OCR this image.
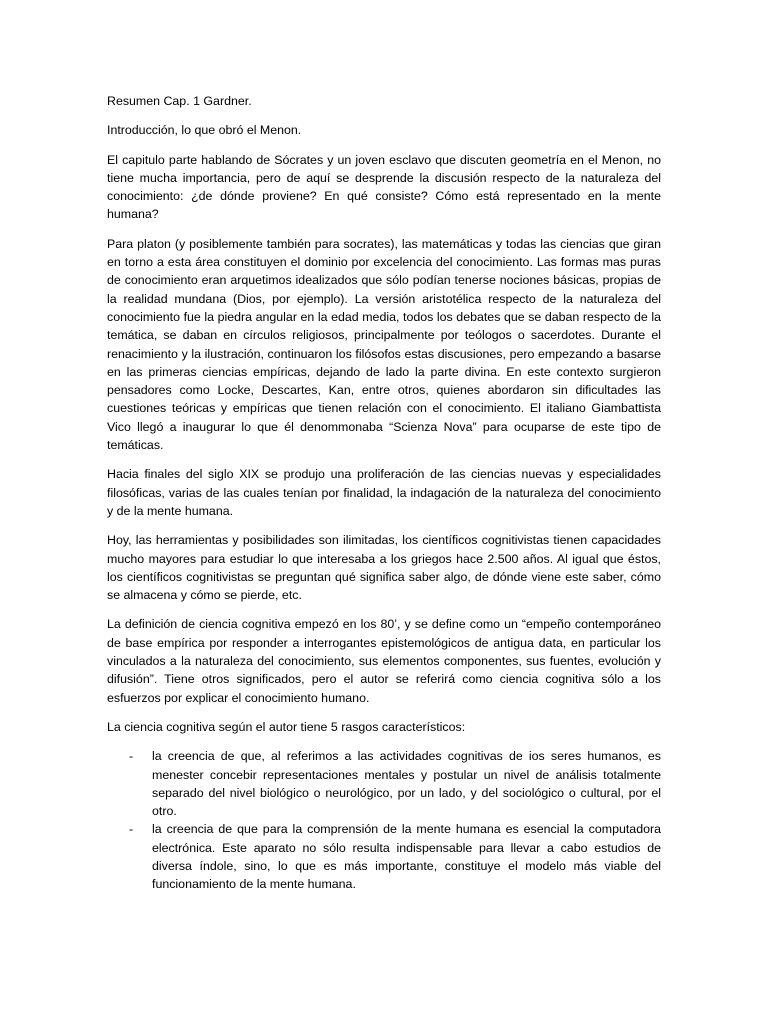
Resumen Cap. 1 Gardner.

Introducción, lo que obró el Menon.

El capitulo parte hablando de Sócrates y un joven esclavo que discuten geometría en el Menon, no tiene mucha importancia, pero de aquí se desprende la discusión respecto de la naturaleza del conocimiento: ¿de dónde proviene? En qué consiste? Cómo está representado en la mente humana?

Para platon (y posiblemente también para socrates), las matemáticas y todas las ciencias que giran en torno a esta área constituyen el dominio por excelencia del conocimiento. Las formas mas puras de conocimiento eran arquetimos idealizados que sólo podían tenerse nociones básicas, propias de la realidad mundana (Dios, por ejemplo). La versión aristotélica respecto de la naturaleza del conocimiento fue la piedra angular en la edad media, todos los debates que se daban respecto de la temática, se daban en círculos religiosos, principalmente por teólogos o sacerdotes. Durante el renacimiento y la ilustración, continuaron los filósofos estas discusiones, pero empezando a basarse en las primeras ciencias empíricas, dejando de lado la parte divina. En este contexto surgieron pensadores como Locke, Descartes, Kan, entre otros, quienes abordaron sin dificultades las cuestiones teóricas y empíricas que tienen relación con el conocimiento. El italiano Giambattista Vico llegó a inaugurar lo que él denommonaba “Scienza Nova” para ocuparse de este tipo de temáticas.

Hacia finales del siglo XIX se produjo una proliferación de las ciencias nuevas y especialidades filosóficas, varias de las cuales tenían por finalidad, la indagación de la naturaleza del conocimiento y de la mente humana.

Hoy, las herramientas y posibilidades son ilimitadas, los científicos cognitivistas tienen capacidades mucho mayores para estudiar lo que interesaba a los griegos hace 2.500 años. Al igual que éstos, los científicos cognitivistas se preguntan qué significa saber algo, de dónde viene este saber, cómo se almacena y cómo se pierde, etc.

La definición de ciencia cognitiva empezó en los 80’, y se define como un “empeño contemporáneo de base empírica por responder a interrogantes epistemológicos de antigua data, en particular los vinculados a la naturaleza del conocimiento, sus elementos componentes, sus fuentes, evolución y difusión”. Tiene otros significados, pero el autor se referirá como ciencia cognitiva sólo a los esfuerzos por explicar el conocimiento humano.

La ciencia cognitiva según el autor tiene 5 rasgos característicos:

- la creencia de que, al referimos a las actividades cognitivas de ios seres humanos, es menester concebir representaciones mentales y postular un nivel de análisis totalmente separado del nivel biológico o neurológico, por un lado, y del sociológico o cultural, por el otro.
- la creencia de que para la comprensión de la mente humana es esencial la computadora electrónica. Este aparato no sólo resulta indispensable para llevar a cabo estudios de diversa índole, sino, lo que es más importante, constituye el modelo más viable del funcionamiento de la mente humana.
